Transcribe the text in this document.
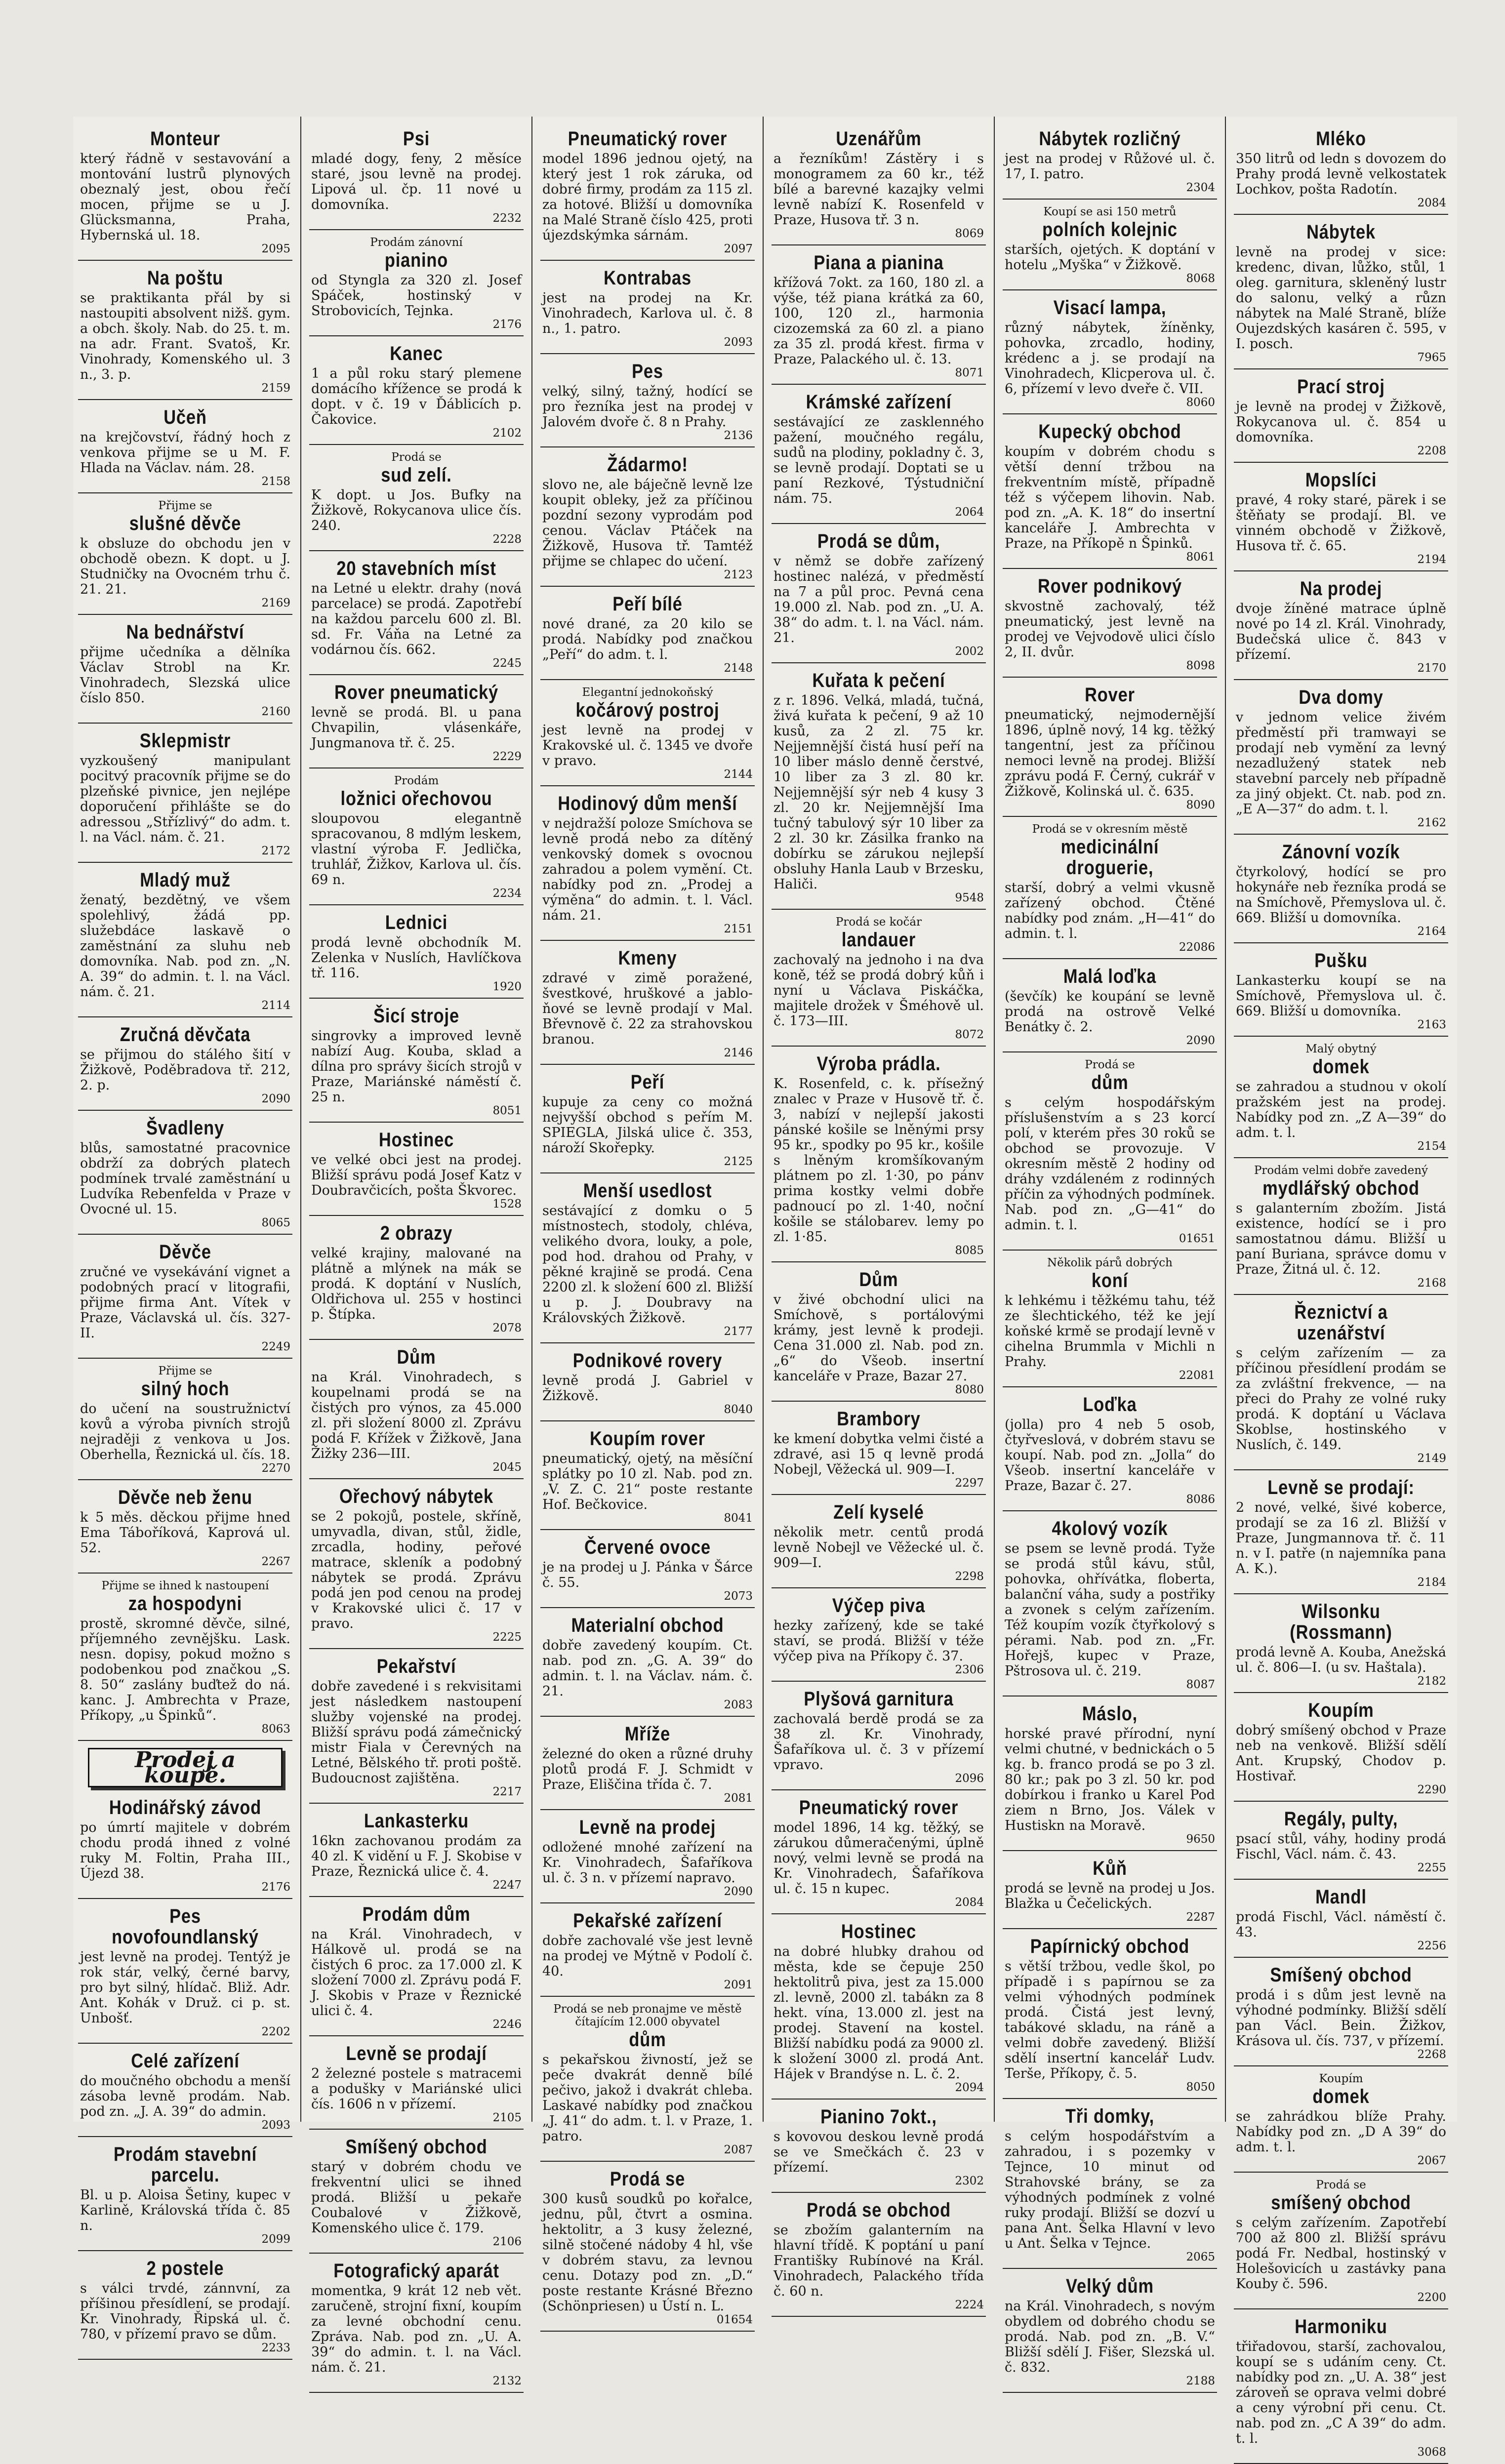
Monteur

který řádně v sestavování a montování lustrů plynových obeznalý jest, obou řečí mocen, přijme se u J. Glücksmanna, Praha, Hybernská ul. 18.

2095
Na poštu

se praktikanta přál by si nastoupiti absolvent nižš. gym. a obch. školy. Nab. do 25. t. m. na adr. Frant. Svatoš, Kr. Vinohrady, Komenského ul. 3 n., 3. p.

2159
Učeň

na krejčovství, řádný hoch z venkova přijme se u M. F. Hlada na Václav. nám. 28.

2158

Přijme se

slušné děvče

k obsluze do obchodu jen v obchodě obezn. K dopt. u J. Studničky na Ovocném trhu č. 21. 21.

2169
Na bednářství

přijme učedníka a dělníka Václav Strobl na Kr. Vinohradech, Slezská ulice číslo 850.

2160
Sklepmistr

vyzkoušený manipulant pocitvý pracovník přijme se do plzeňské pivnice, jen nejlépe doporučení přihlášte se do adressou „Střízlivý“ do adm. t. l. na Václ. nám. č. 21.

2172
Mladý muž

ženatý, bezdětný, ve všem spolehlivý, žádá pp. služebdáce laskavě o zaměstnání za sluhu neb domovníka. Nab. pod zn. „N. A. 39“ do admin. t. l. na Václ. nám. č. 21.

2114
Zručná děvčata

se přijmou do stálého šití v Žižkově, Poděbradova tř. 212, 2. p.

2090
Švadleny

blůs, samostatné pracovnice obdrží za dobrých platech podmínek trvalé zaměstnání u Ludvíka Rebenfelda v Praze v Ovocné ul. 15.

8065
Děvče

zručné ve vysekávání vignet a podobných prací v litografii, přijme firma Ant. Vítek v Praze, Václavská ul. čís. 327-II.

2249

Přijme se

silný hoch

do učení na soustružnictví kovů a výroba pivních strojů nejraději z venkova u Jos. Oberhella, Řeznická ul. čís. 18.

2270
Děvče neb ženu

k 5 měs. děckou přijme hned Ema Táboříková, Kaprová ul. 52.

2267

Přijme se ihned k nastoupení

za hospodyni

prostě, skromné děvče, silné, příjemného zevnějšku. Lask. nesn. dopisy, pokud možno s podobenkou pod značkou „S. 8. 50“ zaslány buďtež do ná. kanc. J. Ambrechta v Praze, Příkopy, „u Špinků“.

8063
Prodej a koupě.
Hodinářský závod

po úmrtí majitele v dobrém chodu prodá ihned z volné ruky M. Foltin, Praha III., Újezd 38.

2176
Pes novofoundlanský

jest levně na prodej. Tentýž je rok stár, velký, černé barvy, pro byt silný, hlídač. Bliž. Adr. Ant. Kohák v Druž. ci p. st. Unbošť.

2202
Celé zařízení

do moučného obchodu a menší zásoba levně prodám. Nab. pod zn. „J. A. 39“ do admin.

2093
Prodám stavební parcelu.

Bl. u p. Aloisa Šetiny, kupec v Karlině, Královská třída č. 85 n.

2099
2 postele

s válci trvdé, zánnvní, za příšinou přesídlení, se prodají. Kr. Vinohrady, Řipská ul. č. 780, v přízemí pravo se dům.

2233
Psi

mladé dogy, feny, 2 měsíce staré, jsou levně na prodej. Lipová ul. čp. 11 nové u domovníka.

2232

Prodám zánovní

pianino

od Styngla za 320 zl. Josef Spáček, hostinský v Strobovicích, Tejnka.

2176
Kanec

1 a půl roku starý plemene domácího křížence se prodá k dopt. v č. 19 v Ďáblicích p. Čakovice.

2102

Prodá se

sud zelí.

K dopt. u Jos. Bufky na Žižkově, Rokycanova ulice čís. 240.

2228
20 stavebních míst

na Letné u elektr. drahy (nová parcelace) se prodá. Zapotřebí na každou parcelu 600 zl. Bl. sd. Fr. Váňa na Letné za vodárnou čís. 662.

2245
Rover pneumatický

levně se prodá. Bl. u pana Chvapilin, vlásenkáře, Jungmanova tř. č. 25.

2229

Prodám

ložnici ořechovou

sloupovou elegantně spracovanou, 8 mdlým leskem, vlastní výroba F. Jedlička, truhlář, Žižkov, Karlova ul. čís. 69 n.

2234
Lednici

prodá levně obchodník M. Zelenka v Nuslích, Havlíčkova tř. 116.

1920
Šicí stroje

singrovky a improved levně nabízí Aug. Kouba, sklad a dílna pro správy šicích strojů v Praze, Mariánské náměstí č. 25 n.

8051
Hostinec

ve velké obci jest na prodej. Bližší správu podá Josef Katz v Doubravčicích, pošta Škvorec.

1528
2 obrazy

velké krajiny, malované na plátně a mlýnek na mák se prodá. K doptání v Nuslích, Oldřichova ul. 255 v hostinci p. Štípka.

2078
Dům

na Král. Vinohradech, s koupelnami prodá se na čistých pro výnos, za 45.000 zl. při složení 8000 zl. Zprávu podá F. Křížek v Žižkově, Jana Žižky 236—III.

2045
Ořechový nábytek

se 2 pokojů, postele, skříně, umyvadla, divan, stůl, židle, zrcadla, hodiny, peřové matrace, skleník a podobný nábytek se prodá. Zprávu podá jen pod cenou na prodej v Krakovské ulici č. 17 v pravo.

2225
Pekařství

dobře zavedené i s rekvisitami jest následkem nastoupení služby vojenské na prodej. Bližší správu podá zámečnický mistr Fiala v Čerevných na Letné, Bělského tř. proti poště. Budoucnost zajištěna.

2217
Lankasterku

16kn zachovanou prodám za 40 zl. K vidění u F. J. Skobise v Praze, Řeznická ulice č. 4.

2247
Prodám dům

na Král. Vinohradech, v Hálkově ul. prodá se na čistých 6 proc. za 17.000 zl. K složení 7000 zl. Zprávu podá F. J. Skobis v Praze v Řeznické ulici č. 4.

2246
Levně se prodají

2 železné postele s matracemi a podušky v Mariánské ulici čís. 1606 n v přízemí.

2105
Smíšený obchod

starý v dobrém chodu ve frekventní ulici se ihned prodá. Bližší u pekaře Coubalové v Žižkově, Komenského ulice č. 179.

2106
Fotografický aparát

momentka, 9 krát 12 neb vět. zaručeně, strojní fixní, koupím za levné obchodní cenu. Zpráva. Nab. pod zn. „U. A. 39“ do admin. t. l. na Václ. nám. č. 21.

2132
Pneumatický rover

model 1896 jednou ojetý, na který jest 1 rok záruka, od dobré firmy, prodám za 115 zl. za hotové. Bližší u domovníka na Malé Straně číslo 425, proti újezdskýmka sárnám.

2097
Kontrabas

jest na prodej na Kr. Vinohradech, Karlova ul. č. 8 n., 1. patro.

2093
Pes

velký, silný, tažný, hodící se pro řezníka jest na prodej v Jalovém dvoře č. 8 n Prahy.

2136
Žádarmo!

slovo ne, ale báječně levně lze koupit obleky, jež za příčinou pozdní sezony vyprodám pod cenou. Václav Ptáček na Žižkově, Husova tř. Tamtéž přijme se chlapec do učení.

2123
Peří bílé

nové drané, za 20 kilo se prodá. Nabídky pod značkou „Peří“ do adm. t. l.

2148

Elegantní jednokoňský

kočárový postroj

jest levně na prodej v Krakovské ul. č. 1345 ve dvoře v pravo.

2144
Hodinový dům menší

v nejdražší poloze Smíchova se levně prodá nebo za dítěný venkovský domek s ovocnou zahradou a polem vymění. Ct. nabídky pod zn. „Prodej a výměna“ do admin. t. l. Václ. nám. 21.

2151
Kmeny

zdravé v zimě poražené, švestkové, hruškové a jablo-ňové se levně prodají v Mal. Břevnově č. 22 za strahovskou branou.

2146
Peří

kupuje za ceny co možná nejvyšší obchod s peřím M. SPIEGLA, Jilská ulice č. 353, nároží Skořepky.

2125
Menší usedlost

sestávající z domku o 5 místnostech, stodoly, chléva, velikého dvora, louky, a pole, pod hod. drahou od Prahy, v pěkné krajině se prodá. Cena 2200 zl. k složení 600 zl. Bližší u p. J. Doubravy na Královských Žižkově.

2177
Podnikové rovery

levně prodá J. Gabriel v Žižkově.

8040
Koupím rover

pneumatický, ojetý, na měsíční splátky po 10 zl. Nab. pod zn. „V. Z. C. 21“ poste restante Hof. Bečkovice.

8041
Červené ovoce

je na prodej u J. Pánka v Šárce č. 55.

2073
Materialní obchod

dobře zavedený koupím. Ct. nab. pod zn. „G. A. 39“ do admin. t. l. na Václav. nám. č. 21.

2083
Mříže

železné do oken a různé druhy plotů prodá F. J. Schmidt v Praze, Eliščina třída č. 7.

2081
Levně na prodej

odložené mnohé zařízení na Kr. Vinohradech, Šafaříkova ul. č. 3 n. v přízemí napravo.

2090
Pekařské zařízení

dobře zachovalé vše jest levně na prodej ve Mýtně v Podolí č. 40.

2091

Prodá se neb pronajme ve městě čítajícím 12.000 obyvatel

dům

s pekařskou živností, jež se peče dvakrát denně bílé pečivo, jakož i dvakrát chleba. Laskavé nabídky pod značkou „J. 41“ do adm. t. l. v Praze, 1. patro.

2087
Prodá se

300 kusů soudků po kořalce, jednu, půl, čtvrt a osmina. hektolitr, a 3 kusy železné, silně stočené nádoby 4 hl, vše v dobrém stavu, za levnou cenu. Dotazy pod zn. „D.“ poste restante Krásné Březno (Schönpriesen) u Ústí n. L.

01654
Uzenářům

a řezníkům! Zástěry i s monogramem za 60 kr., též bílé a barevné kazajky velmi levně nabízí K. Rosenfeld v Praze, Husova tř. 3 n.

8069
Piana a pianina

křížová 7okt. za 160, 180 zl. a výše, též piana krátká za 60, 100, 120 zl., harmonia cizozemská za 60 zl. a piano za 35 zl. prodá křest. firma v Praze, Palackého ul. č. 13.

8071
Krámské zařízení

sestávající ze zasklenného pažení, moučného regálu, sudů na plodiny, pokladny č. 3, se levně prodají. Doptati se u paní Rezkové, Týstudniční nám. 75.

2064
Prodá se dům,

v němž se dobře zařízený hostinec nalézá, v předměstí na 7 a půl proc. Pevná cena 19.000 zl. Nab. pod zn. „U. A. 38“ do adm. t. l. na Václ. nám. 21.

2002
Kuřata k pečení

z r. 1896. Velká, mladá, tučná, živá kuřata k pečení, 9 až 10 kusů, za 2 zl. 75 kr. Nejjemnější čistá husí peří na 10 liber máslo denně čerstvé, 10 liber za 3 zl. 80 kr. Nejjemnější sýr neb 4 kusy 3 zl. 20 kr. Nejjemnější Ima tučný tabulový sýr 10 liber za 2 zl. 30 kr. Zásilka franko na dobírku se zárukou nejlepší obsluhy Hanla Laub v Brzesku, Haliči.

9548

Prodá se kočár

landauer

zachovalý na jednoho i na dva koně, též se prodá dobrý kůň i nyní u Václava Piskáčka, majitele drožek v Šméhově ul. č. 173—III.

8072
Výroba prádla.

K. Rosenfeld, c. k. přísežný znalec v Praze v Husově tř. č. 3, nabízí v nejlepší jakosti pánské košile se lněnými prsy 95 kr., spodky po 95 kr., košile s lněným kromšíkovaným plátnem po zl. 1·30, po pánv prima kostky velmi dobře padnoucí po zl. 1·40, noční košile se stálobarev. lemy po zl. 1·85.

8085
Dům

v živé obchodní ulici na Smíchově, s portálovými krámy, jest levně k prodeji. Cena 31.000 zl. Nab. pod zn. „6“ do Všeob. insertní kanceláře v Praze, Bazar 27.

8080
Brambory

ke kmení dobytka velmi čisté a zdravé, asi 15 q levně prodá Nobejl, Věžecká ul. 909—I.

2297
Zelí kyselé

několik metr. centů prodá levně Nobejl ve Věžecké ul. č. 909—I.

2298
Výčep piva

hezky zařízený, kde se také staví, se prodá. Bližší v téže výčep piva na Příkopy č. 37.

2306
Plyšová garnitura

zachovalá berdě prodá se za 38 zl. Kr. Vinohrady, Šafaříkova ul. č. 3 v přízemí vpravo.

2096
Pneumatický rover

model 1896, 14 kg. těžký, se zárukou důmeračenými, úplně nový, velmi levně se prodá na Kr. Vinohradech, Šafaříkova ul. č. 15 n kupec.

2084
Hostinec

na dobré hlubky drahou od města, kde se čepuje 250 hektolitrů piva, jest za 15.000 zl. levně, 2000 zl. tabákn za 8 hekt. vína, 13.000 zl. jest na prodej. Stavení na kostel. Bližší nabídku podá za 9000 zl. k složení 3000 zl. prodá Ant. Hájek v Brandýse n. L. č. 2.

2094
Pianino 7okt.,

s kovovou deskou levně prodá se ve Smečkách č. 23 v přízemí.

2302
Prodá se obchod

se zbožím galanterním na hlavní třídě. K poptání u paní Františky Rubínové na Král. Vinohradech, Palackého třída č. 60 n.

2224
Nábytek rozličný

jest na prodej v Růžové ul. č. 17, I. patro.

2304

Koupí se asi 150 metrů

polních kolejnic

starších, ojetých. K doptání v hotelu „Myška“ v Žižkově.

8068
Visací lampa,

různý nábytek, žíněnky, pohovka, zrcadlo, hodiny, krédenc a j. se prodají na Vinohradech, Klicperova ul. č. 6, přízemí v levo dveře č. VII.

8060
Kupecký obchod

koupím v dobrém chodu s větší denní tržbou na frekventním místě, případně též s výčepem lihovin. Nab. pod zn. „A. K. 18“ do insertní kanceláře J. Ambrechta v Praze, na Příkopě n Špinků.

8061
Rover podnikový

skvostně zachovalý, též pneumatický, jest levně na prodej ve Vejvodově ulici číslo 2, II. dvůr.

8098
Rover

pneumatický, nejmodernější 1896, úplně nový, 14 kg. těžký tangentní, jest za příčinou nemoci levně na prodej. Bližší zprávu podá F. Černý, cukrář v Žižkově, Kolinská ul. č. 635.

8090

Prodá se v okresním městě

medicinální droguerie,

starší, dobrý a velmi vkusně zařízený obchod. Čtěné nabídky pod znám. „H—41“ do admin. t. l.

22086
Malá loďka

(ševčík) ke koupání se levně prodá na ostrově Velké Benátky č. 2.

2090

Prodá se

dům

s celým hospodářským příslušenstvím a s 23 korcí polí, v kterém přes 30 roků se obchod se provozuje. V okresním městě 2 hodiny od dráhy vzdáleném z rodinných příčin za výhodných podmínek. Nab. pod zn. „G—41“ do admin. t. l.

01651

Několik párů dobrých

koní

k lehkému i těžkému tahu, též ze šlechtického, též ke její koňské krmě se prodají levně v cihelna Brummla v Michli n Prahy.

22081
Loďka

(jolla) pro 4 neb 5 osob, čtyřveslová, v dobrém stavu se koupí. Nab. pod zn. „Jolla“ do Všeob. insertní kanceláře v Praze, Bazar č. 27.

8086
4kolový vozík

se psem se levně prodá. Tyže se prodá stůl kávu, stůl, pohovka, ohřívátka, floberta, balanční váha, sudy a postřiky a zvonek s celým zařízením. Též koupím vozík čtyřkolový s pérami. Nab. pod zn. „Fr. Hořejš, kupec v Praze, Pštrosova ul. č. 219.

8087
Máslo,

horské pravé přírodní, nyní velmi chutné, v bednickách o 5 kg. b. franco prodá se po 3 zl. 80 kr.; pak po 3 zl. 50 kr. pod dobírkou i franko u Karel Pod ziem n Brno, Jos. Válek v Hustiskn na Moravě.

9650
Kůň

prodá se levně na prodej u Jos. Blažka u Čečelických.

2287
Papírnický obchod

s větší tržbou, vedle škol, po případě i s papírnou se za velmi výhodných podmínek prodá. Čistá jest levný, tabákové skladu, na ráně a velmi dobře zavedený. Bližší sdělí insertní kancelář Ludv. Terše, Příkopy, č. 5.

8050
Tři domky,

s celým hospodářstvím a zahradou, i s pozemky v Tejnce, 10 minut od Strahovské brány, se za výhodných podmínek z volné ruky prodají. Bližší se dozví u pana Ant. Šelka Hlavní v levo u Ant. Šelka v Tejnce.

2065
Velký dům

na Král. Vinohradech, s novým obydlem od dobrého chodu se prodá. Nab. pod zn. „B. V.“ Bližší sdělí J. Fišer, Slezská ul. č. 832.

2188
Mléko

350 litrů od ledn s dovozem do Prahy prodá levně velkostatek Lochkov, pošta Radotín.

2084
Nábytek

levně na prodej v sice: kredenc, divan, lůžko, stůl, 1 oleg. garnitura, skleněný lustr do salonu, velký a různ nábytek na Malé Straně, blíže Oujezdských kasáren č. 595, v I. posch.

7965
Prací stroj

je levně na prodej v Žižkově, Rokycanova ul. č. 854 u domovníka.

2208
Mopslíci

pravé, 4 roky staré, pärek i se štěňaty se prodají. Bl. ve vinném obchodě v Žižkově, Husova tř. č. 65.

2194
Na prodej

dvoje žíněné matrace úplně nové po 14 zl. Král. Vinohrady, Budečská ulice č. 843 v přízemí.

2170
Dva domy

v jednom velice živém předměstí při tramwayi se prodají neb vymění za levný nezadlužený statek neb stavební parcely neb případně za jiný objekt. Ct. nab. pod zn. „E A—37“ do adm. t. l.

2162
Zánovní vozík

čtyrkolový, hodící se pro hokynáře neb řezníka prodá se na Smíchově, Přemyslova ul. č. 669. Bližší u domovníka.

2164
Pušku

Lankasterku koupí se na Smíchově, Přemyslova ul. č. 669. Bližší u domovníka.

2163

Malý obytný

domek

se zahradou a studnou v okolí pražském jest na prodej. Nabídky pod zn. „Z A—39“ do adm. t. l.

2154

Prodám velmi dobře zavedený

mydlářský obchod

s galanterním zbožím. Jistá existence, hodící se i pro samostatnou dámu. Bližší u paní Buriana, správce domu v Praze, Žitná ul. č. 12.

2168
Řeznictví a uzenářství

s celým zařízením — za příčinou přesídlení prodám se za zvláštní frekvence, — na přeci do Prahy ze volné ruky prodá. K doptání u Václava Skoblse, hostinského v Nuslích, č. 149.

2149
Levně se prodají:

2 nové, velké, šivé koberce, prodají se za 16 zl. Bližší v Praze, Jungmannova tř. č. 11 n. v I. patře (n najemníka pana A. K.).

2184
Wilsonku (Rossmann)

prodá levně A. Kouba, Anežská ul. č. 806—I. (u sv. Haštala).

2182
Koupím

dobrý smíšený obchod v Praze neb na venkově. Bližší sdělí Ant. Krupský, Chodov p. Hostivař.

2290
Regály, pulty,

psací stůl, váhy, hodiny prodá Fischl, Václ. nám. č. 43.

2255
Mandl

prodá Fischl, Václ. náměstí č. 43.

2256
Smíšený obchod

prodá i s dům jest levně na výhodné podmínky. Bližší sdělí pan Václ. Bein. Žižkov, Krásova ul. čís. 737, v přízemí.

2268

Koupím

domek

se zahrádkou blíže Prahy. Nabídky pod zn. „D A 39“ do adm. t. l.

2067

Prodá se

smíšený obchod

s celým zařízením. Zapotřebí 700 až 800 zl. Bližší správu podá Fr. Nedbal, hostinský v Holešovicích u zastávky pana Kouby č. 596.

2200
Harmoniku

třiřadovou, starší, zachovalou, koupí se s udáním ceny. Ct. nabídky pod zn. „U. A. 38“ jest zároveň se oprava velmi dobré a ceny výrobní při cenu. Ct. nab. pod zn. „C A 39“ do adm. t. l.

3068
